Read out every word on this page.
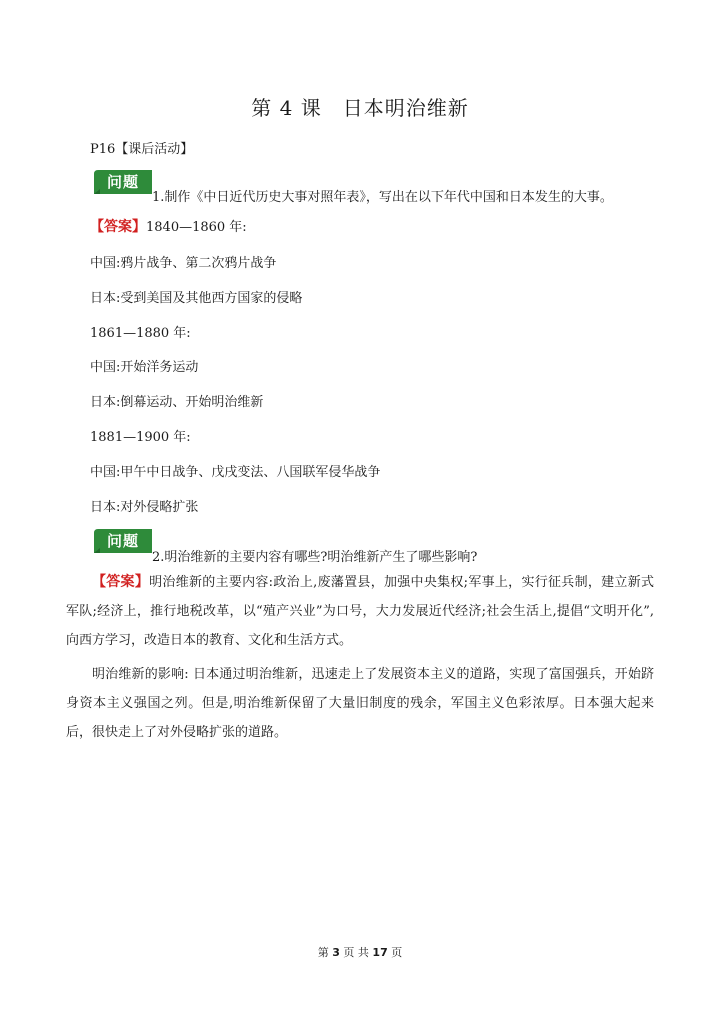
第 4 课　日本明治维新
P16【课后活动】
问题
1.制作《中日近代历史大事对照年表》，写出在以下年代中国和日本发生的大事。
【答案】1840—1860 年:
中国:鸦片战争、第二次鸦片战争
日本:受到美国及其他西方国家的侵略
1861—1880 年:
中国:开始洋务运动
日本:倒幕运动、开始明治维新
1881—1900 年:
中国:甲午中日战争、戊戌变法、八国联军侵华战争
日本:对外侵略扩张
问题
2.明治维新的主要内容有哪些?明治维新产生了哪些影响?
【答案】明治维新的主要内容:政治上,废藩置县，加强中央集权;军事上，实行征兵制，建立新式军队;经济上，推行地税改革，以“殖产兴业”为口号，大力发展近代经济;社会生活上,提倡“文明开化”,向西方学习，改造日本的教育、文化和生活方式。
明治维新的影响: 日本通过明治维新，迅速走上了发展资本主义的道路，实现了富国强兵，开始跻身资本主义强国之列。但是,明治维新保留了大量旧制度的残余，军国主义色彩浓厚。日本强大起来后，很快走上了对外侵略扩张的道路。
第 3 页 共 17 页
